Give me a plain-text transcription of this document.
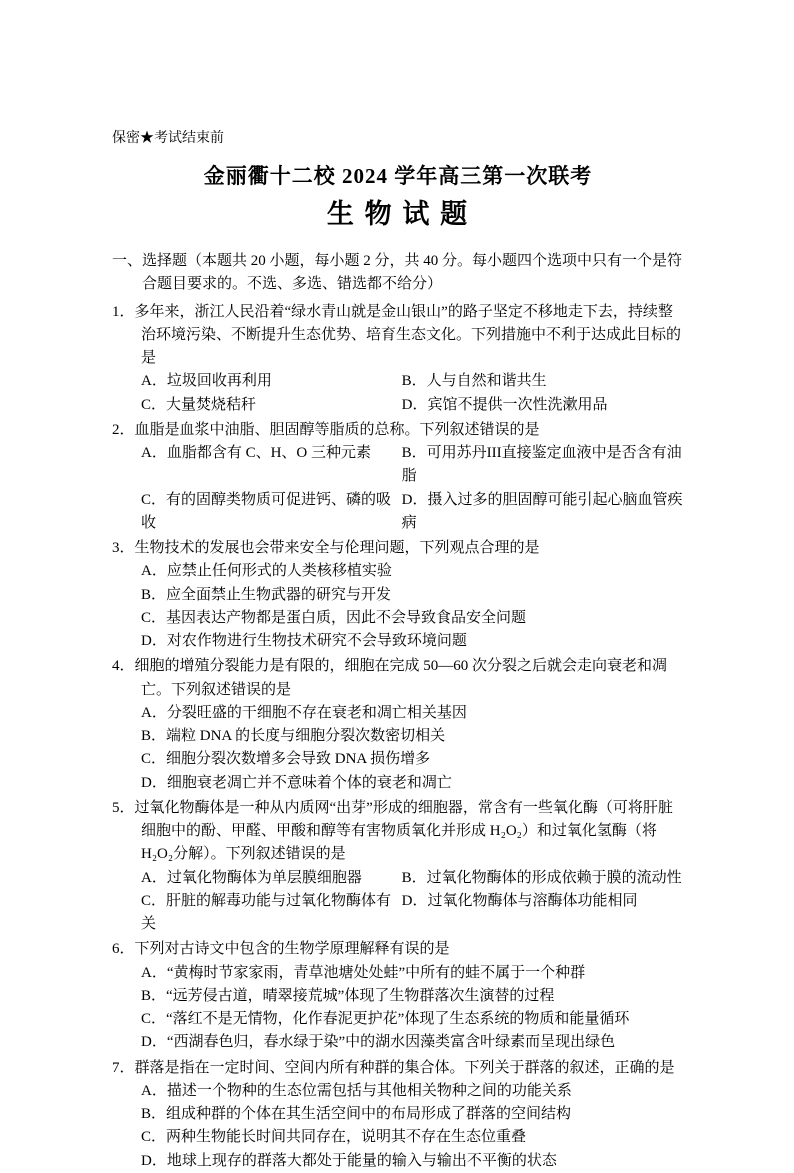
保密★考试结束前
金丽衢十二校 2024 学年高三第一次联考
生 物 试 题
一、选择题（本题共 20 小题，每小题 2 分，共 40 分。每小题四个选项中只有一个是符合题目要求的。不选、多选、错选都不给分）
1．多年来，浙江人民沿着“绿水青山就是金山银山”的路子坚定不移地走下去，持续整治环境污染、不断提升生态优势、培育生态文化。下列措施中不利于达成此目标的是
A．垃圾回收再利用	B．人与自然和谐共生
C．大量焚烧秸秆	D．宾馆不提供一次性洗漱用品
2．血脂是血浆中油脂、胆固醇等脂质的总称。下列叙述错误的是
A．血脂都含有 C、H、O 三种元素	B．可用苏丹III直接鉴定血液中是否含有油脂
C．有的固醇类物质可促进钙、磷的吸收
D．摄入过多的胆固醇可能引起心脑血管疾病
3．生物技术的发展也会带来安全与伦理问题，下列观点合理的是
A．应禁止任何形式的人类核移植实验
B．应全面禁止生物武器的研究与开发
C．基因表达产物都是蛋白质，因此不会导致食品安全问题
D．对农作物进行生物技术研究不会导致环境问题
4．细胞的增殖分裂能力是有限的，细胞在完成 50—60 次分裂之后就会走向衰老和凋亡。下列叙述错误的是
A．分裂旺盛的干细胞不存在衰老和凋亡相关基因
B．端粒 DNA 的长度与细胞分裂次数密切相关
C．细胞分裂次数增多会导致 DNA 损伤增多
D．细胞衰老凋亡并不意味着个体的衰老和凋亡
5．过氧化物酶体是一种从内质网“出芽”形成的细胞器，常含有一些氧化酶（可将肝脏细胞中的酚、甲醛、甲酸和醇等有害物质氧化并形成 H₂O₂）和过氧化氢酶（将 H₂O₂分解）。下列叙述错误的是
A．过氧化物酶体为单层膜细胞器	B．过氧化物酶体的形成依赖于膜的流动性
C．肝脏的解毒功能与过氧化物酶体有关
D．过氧化物酶体与溶酶体功能相同
6．下列对古诗文中包含的生物学原理解释有误的是
A．“黄梅时节家家雨，青草池塘处处蛙”中所有的蛙不属于一个种群
B．“远芳侵古道，晴翠接荒城”体现了生物群落次生演替的过程
C．“落红不是无情物，化作春泥更护花”体现了生态系统的物质和能量循环
D．“西湖春色归，春水绿于染”中的湖水因藻类富含叶绿素而呈现出绿色
7．群落是指在一定时间、空间内所有种群的集合体。下列关于群落的叙述，正确的是
A．描述一个物种的生态位需包括与其他相关物种之间的功能关系
B．组成种群的个体在其生活空间中的布局形成了群落的空间结构
C．两种生物能长时间共同存在，说明其不存在生态位重叠
D．地球上现存的群落大都处于能量的输入与输出不平衡的状态
